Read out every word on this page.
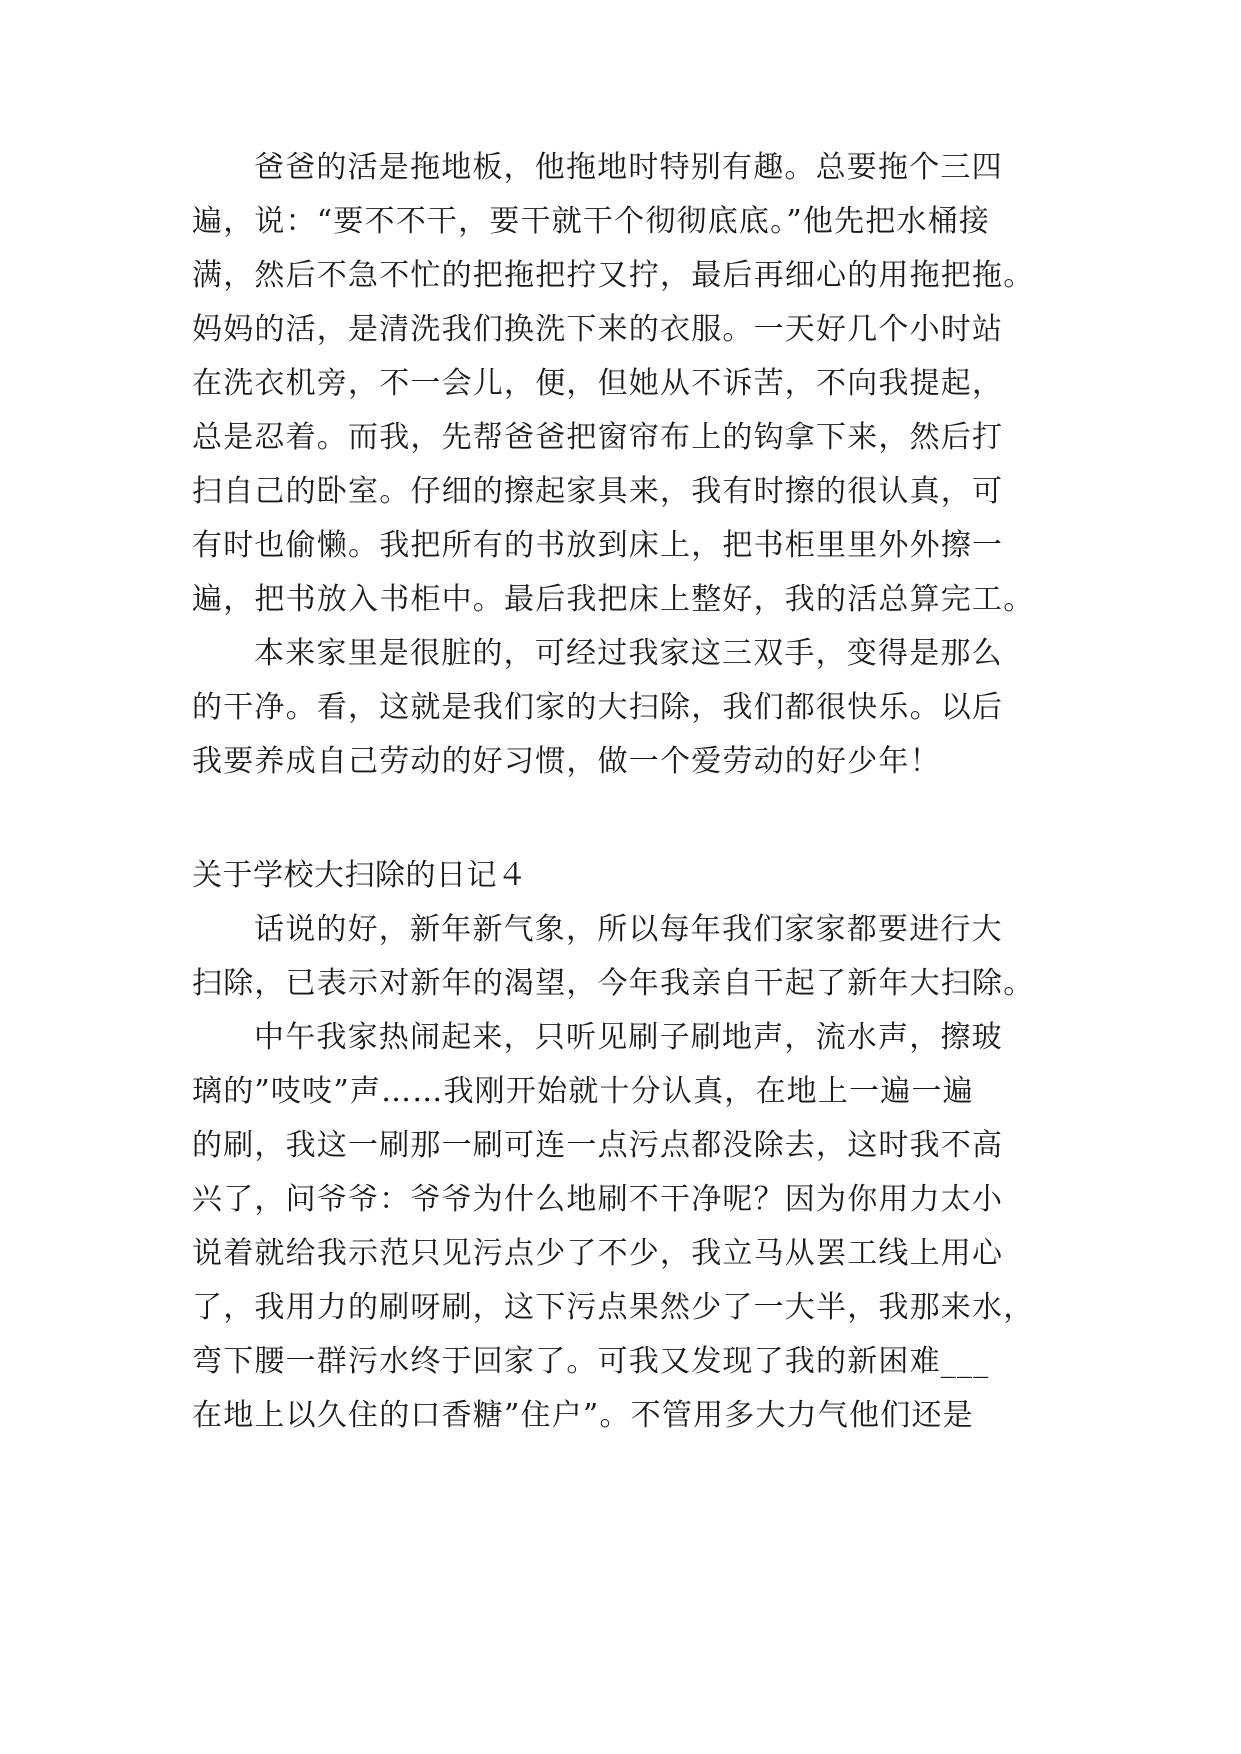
爸爸的活是拖地板，他拖地时特别有趣。总要拖个三四
遍，说：“要不不干，要干就干个彻彻底底。”他先把水桶接
满，然后不急不忙的把拖把拧又拧，最后再细心的用拖把拖。
妈妈的活，是清洗我们换洗下来的衣服。一天好几个小时站
在洗衣机旁，不一会儿，便，但她从不诉苦，不向我提起，
总是忍着。而我，先帮爸爸把窗帘布上的钩拿下来，然后打
扫自己的卧室。仔细的擦起家具来，我有时擦的很认真，可
有时也偷懒。我把所有的书放到床上，把书柜里里外外擦一
遍，把书放入书柜中。最后我把床上整好，我的活总算完工。
本来家里是很脏的，可经过我家这三双手，变得是那么
的干净。看，这就是我们家的大扫除，我们都很快乐。以后
我要养成自己劳动的好习惯，做一个爱劳动的好少年！
关于学校大扫除的日记４
话说的好，新年新气象，所以每年我们家家都要进行大
扫除，已表示对新年的渴望，今年我亲自干起了新年大扫除。
中午我家热闹起来，只听见刷子刷地声，流水声，擦玻
璃的”吱吱”声……我刚开始就十分认真，在地上一遍一遍
的刷，我这一刷那一刷可连一点污点都没除去，这时我不高
兴了，问爷爷：爷爷为什么地刷不干净呢？因为你用力太小
说着就给我示范只见污点少了不少，我立马从罢工线上用心
了，我用力的刷呀刷，这下污点果然少了一大半，我那来水，
弯下腰一群污水终于回家了。可我又发现了我的新困难___
在地上以久住的口香糖”住户”。不管用多大力气他们还是
